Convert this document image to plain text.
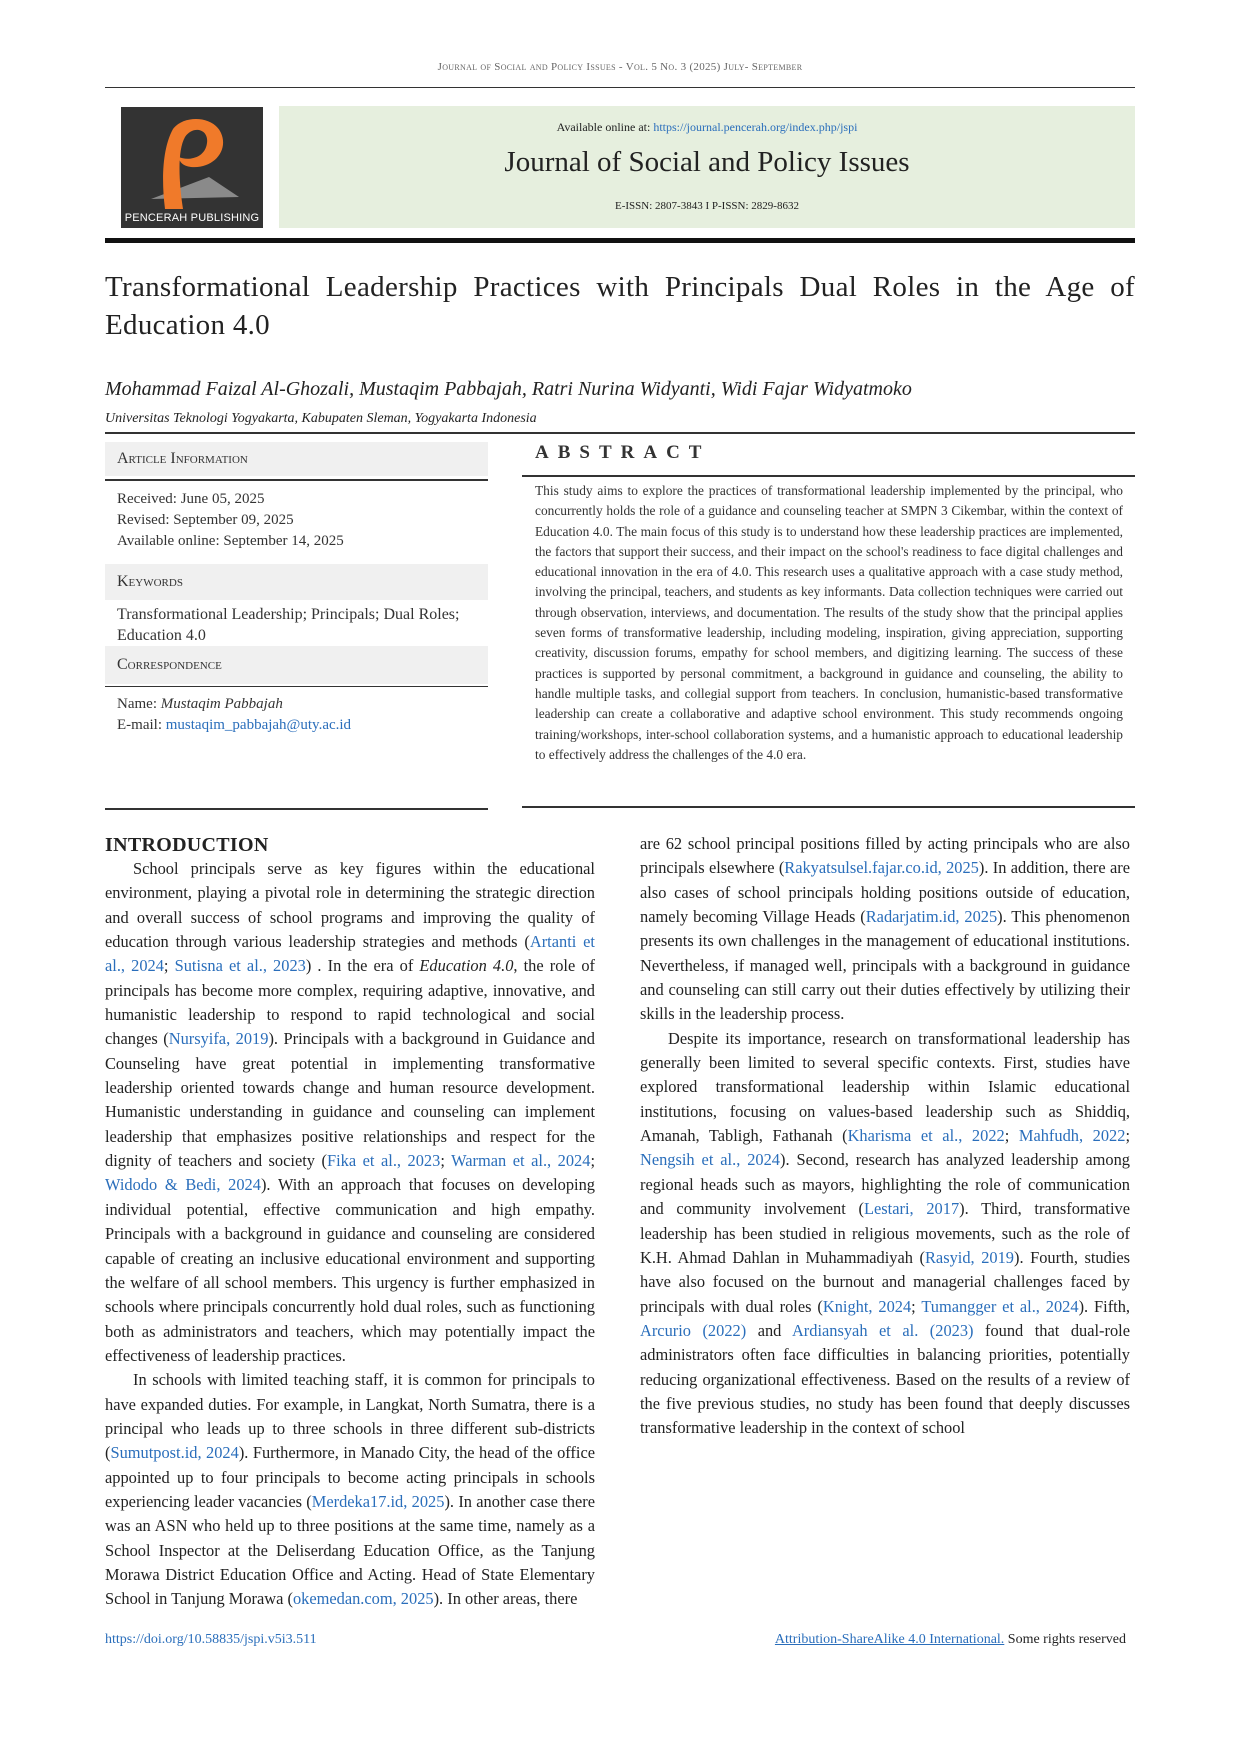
Journal of Social and Policy Issues - Vol. 5 No. 3 (2025) July- September
PENCERAH PUBLISHING
Available online at: https://journal.pencerah.org/index.php/jspi
Journal of Social and Policy Issues
E-ISSN: 2807-3843 I P-ISSN: 2829-8632
Transformational Leadership Practices with Principals Dual Roles in the Age of Education 4.0
Mohammad Faizal Al-Ghozali, Mustaqim Pabbajah, Ratri Nurina Widyanti, Widi Fajar Widyatmoko
Universitas Teknologi Yogyakarta, Kabupaten Sleman, Yogyakarta Indonesia
Article Information
Received: June 05, 2025
Revised: September 09, 2025
Available online: September 14, 2025
Keywords
Transformational Leadership; Principals; Dual Roles; Education 4.0
Correspondence
Name: Mustaqim Pabbajah
E-mail: mustaqim_pabbajah@uty.ac.id
ABSTRACT
This study aims to explore the practices of transformational leadership implemented by the principal, who concurrently holds the role of a guidance and counseling teacher at SMPN 3 Cikembar, within the context of Education 4.0. The main focus of this study is to understand how these leadership practices are implemented, the factors that support their success, and their impact on the school's readiness to face digital challenges and educational innovation in the era of 4.0. This research uses a qualitative approach with a case study method, involving the principal, teachers, and students as key informants. Data collection techniques were carried out through observation, interviews, and documentation. The results of the study show that the principal applies seven forms of transformative leadership, including modeling, inspiration, giving appreciation, supporting creativity, discussion forums, empathy for school members, and digitizing learning. The success of these practices is supported by personal commitment, a background in guidance and counseling, the ability to handle multiple tasks, and collegial support from teachers. In conclusion, humanistic-based transformative leadership can create a collaborative and adaptive school environment. This study recommends ongoing training/workshops, inter-school collaboration systems, and a humanistic approach to educational leadership to effectively address the challenges of the 4.0 era.
INTRODUCTION

School principals serve as key figures within the educational environment, playing a pivotal role in determining the strategic direction and overall success of school programs and improving the quality of education through various leadership strategies and methods (Artanti et al., 2024; Sutisna et al., 2023) . In the era of Education 4.0, the role of principals has become more complex, requiring adaptive, innovative, and humanistic leadership to respond to rapid technological and social changes (Nursyifa, 2019). Principals with a background in Guidance and Counseling have great potential in implementing transformative leadership oriented towards change and human resource development. Humanistic understanding in guidance and counseling can implement leadership that emphasizes positive relationships and respect for the dignity of teachers and society (Fika et al., 2023; Warman et al., 2024; Widodo & Bedi, 2024). With an approach that focuses on developing individual potential, effective communication and high empathy. Principals with a background in guidance and counseling are considered capable of creating an inclusive educational environment and supporting the welfare of all school members. This urgency is further emphasized in schools where principals concurrently hold dual roles, such as functioning both as administrators and teachers, which may potentially impact the effectiveness of leadership practices.

In schools with limited teaching staff, it is common for principals to have expanded duties. For example, in Langkat, North Sumatra, there is a principal who leads up to three schools in three different sub-districts (Sumutpost.id, 2024). Furthermore, in Manado City, the head of the office appointed up to four principals to become acting principals in schools experiencing leader vacancies (Merdeka17.id, 2025). In another case there was an ASN who held up to three positions at the same time, namely as a School Inspector at the Deliserdang Education Office, as the Tanjung Morawa District Education Office and Acting. Head of State Elementary School in Tanjung Morawa (okemedan.com, 2025). In other areas, there

are 62 school principal positions filled by acting principals who are also principals elsewhere (Rakyatsulsel.fajar.co.id, 2025). In addition, there are also cases of school principals holding positions outside of education, namely becoming Village Heads (Radarjatim.id, 2025). This phenomenon presents its own challenges in the management of educational institutions. Nevertheless, if managed well, principals with a background in guidance and counseling can still carry out their duties effectively by utilizing their skills in the leadership process.

Despite its importance, research on transformational leadership has generally been limited to several specific contexts. First, studies have explored transformational leadership within Islamic educational institutions, focusing on values-based leadership such as Shiddiq, Amanah, Tabligh, Fathanah (Kharisma et al., 2022; Mahfudh, 2022; Nengsih et al., 2024). Second, research has analyzed leadership among regional heads such as mayors, highlighting the role of communication and community involvement (Lestari, 2017). Third, transformative leadership has been studied in religious movements, such as the role of K.H. Ahmad Dahlan in Muhammadiyah (Rasyid, 2019). Fourth, studies have also focused on the burnout and managerial challenges faced by principals with dual roles (Knight, 2024; Tumangger et al., 2024). Fifth, Arcurio (2022) and Ardiansyah et al. (2023) found that dual-role administrators often face difficulties in balancing priorities, potentially reducing organizational effectiveness. Based on the results of a review of the five previous studies, no study has been found that deeply discusses transformative leadership in the context of school

https://doi.org/10.58835/jspi.v5i3.511	Attribution-ShareAlike 4.0 International. Some rights reserved
